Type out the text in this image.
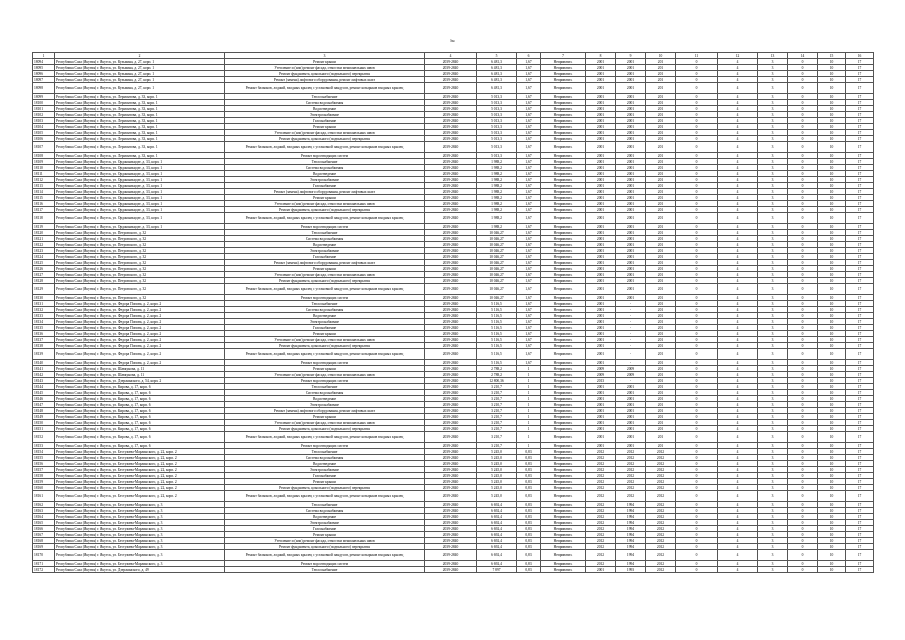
hu
1	2	3	4	5	6	7	8	9	10	11	12	13	14	15	16
18094	Республика Саха (Якутия) г. Якутск, ул. Кузьмина, д. 27, корп. 1	Ремонт крыши	2039-2840	6 481,3	1,67	Неприватиз.	2001	2001	201	0	4	3	0	10	17
18095	Республика Саха (Якутия) г. Якутск, ул. Кузьмина, д. 27, корп. 1	Утепление и (или) ремонт фасада, отмостки межпанельных швов	2039-2840	6 481,3	1,67	Неприватиз.	2001	2001	201	0	4	3	0	10	17
18096	Республика Саха (Якутия) г. Якутск, ул. Кузьмина, д. 27, корп. 1	Ремонт фундамента, цокольного (подвального) перекрытия	2039-2840	6 481,3	1,67	Неприватиз.	2001	2001	201	0	4	3	0	10	17
18097	Республика Саха (Якутия) г. Якутск, ул. Кузьмина, д. 27, корп. 1	Ремонт (замена) лифтового оборудования, ремонт лифтовых шахт	2039-2840	6 481,3	1,67	Неприватиз.	2001	2001	201	0	4	3	0	10	17
18098	Республика Саха (Якутия) г. Якутск, ул. Кузьмина, д. 27, корп. 1	Ремонт балконов, лоджий, входных крылец с установкой пандусов, ремонт козырьков входных крылец	2039-2840	6 481,3	1,67	Неприватиз.	2001	2001	201	0	4	3	0	10	17
18099	Республика Саха (Якутия) г. Якутск, ул. Лермонтова, д. 33, корп. 1	Теплоснабжение	2039-2840	5 013,3	1,67	Неприватиз.	2001	2001	201	0	4	3	0	10	17
18100	Республика Саха (Якутия) г. Якутск, ул. Лермонтова, д. 33, корп. 1	Система водоснабжения	2039-2840	5 013,3	1,67	Неприватиз.	2001	2001	201	0	4	3	0	10	17
18101	Республика Саха (Якутия) г. Якутск, ул. Лермонтова, д. 33, корп. 1	Водоотведение	2039-2840	5 013,3	1,67	Неприватиз.	2001	2001	201	0	4	3	0	10	17
18102	Республика Саха (Якутия) г. Якутск, ул. Лермонтова, д. 33, корп. 1	Электроснабжение	2039-2840	5 013,3	1,67	Неприватиз.	2001	2001	201	0	4	3	0	10	17
18103	Республика Саха (Якутия) г. Якутск, ул. Лермонтова, д. 33, корп. 1	Газоснабжение	2039-2840	5 013,3	1,67	Неприватиз.	2001	2001	201	0	4	3	0	10	17
18104	Республика Саха (Якутия) г. Якутск, ул. Лермонтова, д. 33, корп. 1	Ремонт крыши	2039-2840	5 013,3	1,67	Неприватиз.	2001	2001	201	0	4	3	0	10	17
18105	Республика Саха (Якутия) г. Якутск, ул. Лермонтова, д. 33, корп. 1	Утепление и (или) ремонт фасада, отмостки межпанельных швов	2039-2840	5 013,3	1,67	Неприватиз.	2001	2001	201	0	4	3	0	10	17
18106	Республика Саха (Якутия) г. Якутск, ул. Лермонтова, д. 33, корп. 1	Ремонт фундамента, цокольного (подвального) перекрытия	2039-2840	5 013,3	1,67	Неприватиз.	2001	2001	201	0	4	3	0	10	17
18107	Республика Саха (Якутия) г. Якутск, ул. Лермонтова, д. 33, корп. 1	Ремонт балконов, лоджий, входных крылец с установкой пандусов, ремонт козырьков входных крылец	2039-2840	5 013,3	1,67	Неприватиз.	2001	2001	201	0	4	3	0	10	17
18108	Республика Саха (Якутия) г. Якутск, ул. Лермонтова, д. 33, корп. 1	Ремонт водоотводящих систем	2039-2840	5 013,3	1,67	Неприватиз.	2001	2001	201	0	4	3	0	10	17
18109	Республика Саха (Якутия) г. Якутск, ул. Орджоникидзе, д. 33, корп. 1	Теплоснабжение	2039-2840	1 988,2	1,67	Неприватиз.	2001	2001	201	0	4	3	0	10	17
18110	Республика Саха (Якутия) г. Якутск, ул. Орджоникидзе, д. 33, корп. 1	Система водоснабжения	2039-2840	1 988,2	1,67	Неприватиз.	2001	2001	201	0	4	3	0	10	17
18111	Республика Саха (Якутия) г. Якутск, ул. Орджоникидзе, д. 33, корп. 1	Водоотведение	2039-2840	1 988,2	1,67	Неприватиз.	2001	2001	201	0	4	3	0	10	17
18112	Республика Саха (Якутия) г. Якутск, ул. Орджоникидзе, д. 33, корп. 1	Электроснабжение	2039-2840	1 988,2	1,67	Неприватиз.	2001	2001	201	0	4	3	0	10	17
18113	Республика Саха (Якутия) г. Якутск, ул. Орджоникидзе, д. 33, корп. 1	Газоснабжение	2039-2840	1 988,2	1,67	Неприватиз.	2001	2001	201	0	4	3	0	10	17
18114	Республика Саха (Якутия) г. Якутск, ул. Орджоникидзе, д. 33, корп. 1	Ремонт (замена) лифтового оборудования, ремонт лифтовых шахт	2039-2840	1 988,2	1,67	Неприватиз.	2001	2001	201	0	4	3	0	10	17
18115	Республика Саха (Якутия) г. Якутск, ул. Орджоникидзе, д. 33, корп. 1	Ремонт крыши	2039-2840	1 988,2	1,67	Неприватиз.	2001	2001	201	0	4	3	0	10	17
18116	Республика Саха (Якутия) г. Якутск, ул. Орджоникидзе, д. 33, корп. 1	Утепление и (или) ремонт фасада, отмостки межпанельных швов	2039-2840	1 988,2	1,67	Неприватиз.	2001	2001	201	0	4	3	0	10	17
18117	Республика Саха (Якутия) г. Якутск, ул. Орджоникидзе, д. 33, корп. 1	Ремонт фундамента, цокольного (подвального) перекрытия	2039-2840	1 988,2	1,67	Неприватиз.	2001	2001	201	0	4	3	0	10	17
18118	Республика Саха (Якутия) г. Якутск, ул. Орджоникидзе, д. 33, корп. 1	Ремонт балконов, лоджий, входных крылец с установкой пандусов, ремонт козырьков входных крылец	2039-2840	1 988,2	1,67	Неприватиз.	2001	2001	201	0	4	3	0	10	17
18119	Республика Саха (Якутия) г. Якутск, ул. Орджоникидзе, д. 33, корп. 1	Ремонт водоотводящих систем	2039-2840	1 988,2	1,67	Неприватиз.	2001	2001	201	0	4	3	0	10	17
18120	Республика Саха (Якутия) г. Якутск, ул. Петровского, д. 32	Теплоснабжение	2039-2840	10 046,27	1,67	Неприватиз.	2001	2001	201	0	4	3	0	10	17
18121	Республика Саха (Якутия) г. Якутск, ул. Петровского, д. 32	Система водоснабжения	2039-2840	10 046,27	1,67	Неприватиз.	2001	2001	201	0	4	3	0	10	17
18122	Республика Саха (Якутия) г. Якутск, ул. Петровского, д. 32	Водоотведение	2039-2840	10 046,27	1,67	Неприватиз.	2001	2001	201	0	4	3	0	10	17
18123	Республика Саха (Якутия) г. Якутск, ул. Петровского, д. 32	Электроснабжение	2039-2840	10 046,27	1,67	Неприватиз.	2001	2001	201	0	4	3	0	10	17
18124	Республика Саха (Якутия) г. Якутск, ул. Петровского, д. 32	Газоснабжение	2039-2840	10 046,27	1,67	Неприватиз.	2001	2001	201	0	4	3	0	10	17
18125	Республика Саха (Якутия) г. Якутск, ул. Петровского, д. 32	Ремонт (замена) лифтового оборудования, ремонт лифтовых шахт	2039-2840	10 046,27	1,67	Неприватиз.	2001	2001	201	0	4	3	0	10	17
18126	Республика Саха (Якутия) г. Якутск, ул. Петровского, д. 32	Ремонт крыши	2039-2840	10 046,27	1,67	Неприватиз.	2001	2001	201	0	4	3	0	10	17
18127	Республика Саха (Якутия) г. Якутск, ул. Петровского, д. 32	Утепление и (или) ремонт фасада, отмостки межпанельных швов	2039-2840	10 046,27	1,67	Неприватиз.	2001	2001	201	0	4	3	0	10	17
18128	Республика Саха (Якутия) г. Якутск, ул. Петровского, д. 32	Ремонт фундамента, цокольного (подвального) перекрытия	2039-2840	10 046,27	1,67	Неприватиз.	2001	2001	201	0	4	3	0	10	17
18129	Республика Саха (Якутия) г. Якутск, ул. Петровского, д. 32	Ремонт балконов, лоджий, входных крылец с установкой пандусов, ремонт козырьков входных крылец	2039-2840	10 046,27	1,67	Неприватиз.	2001	2001	201	0	4	3	0	10	17
18130	Республика Саха (Якутия) г. Якутск, ул. Петровского, д. 32	Ремонт водоотводящих систем	2039-2840	10 046,27	1,67	Неприватиз.	2001	2001	201	0	4	3	0	10	17
18131	Республика Саха (Якутия) г. Якутск, ул. Федора Попова, д. 2, корп. 2	Теплоснабжение	2039-2840	5 116,5	1,67	Неприватиз.	2001	-	201	0	4	3	0	10	17
18132	Республика Саха (Якутия) г. Якутск, ул. Федора Попова, д. 2, корп. 2	Система водоснабжения	2039-2840	5 116,5	1,67	Неприватиз.	2001	-	201	0	4	3	0	10	17
18133	Республика Саха (Якутия) г. Якутск, ул. Федора Попова, д. 2, корп. 2	Водоотведение	2039-2840	5 116,5	1,67	Неприватиз.	2001	-	201	0	4	3	0	10	17
18134	Республика Саха (Якутия) г. Якутск, ул. Федора Попова, д. 2, корп. 2	Электроснабжение	2039-2840	5 116,5	1,67	Неприватиз.	2001	-	201	0	4	3	0	10	17
18135	Республика Саха (Якутия) г. Якутск, ул. Федора Попова, д. 2, корп. 2	Газоснабжение	2039-2840	5 116,5	1,67	Неприватиз.	2001	-	201	0	4	3	0	10	17
18136	Республика Саха (Якутия) г. Якутск, ул. Федора Попова, д. 2, корп. 2	Ремонт крыши	2039-2840	5 116,5	1,67	Неприватиз.	2001	-	201	0	4	3	0	10	17
18137	Республика Саха (Якутия) г. Якутск, ул. Федора Попова, д. 2, корп. 2	Утепление и (или) ремонт фасада, отмостки межпанельных швов	2039-2840	5 116,5	1,67	Неприватиз.	2001	-	201	0	4	3	0	10	17
18138	Республика Саха (Якутия) г. Якутск, ул. Федора Попова, д. 2, корп. 2	Ремонт фундамента, цокольного (подвального) перекрытия	2039-2840	5 116,5	1,67	Неприватиз.	2001	-	201	0	4	3	0	10	17
18139	Республика Саха (Якутия) г. Якутск, ул. Федора Попова, д. 2, корп. 2	Ремонт балконов, лоджий, входных крылец с установкой пандусов, ремонт козырьков входных крылец	2039-2840	5 116,5	1,67	Неприватиз.	2001	-	201	0	4	3	0	10	17
18140	Республика Саха (Якутия) г. Якутск, ул. Федора Попова, д. 2, корп. 2	Ремонт водоотводящих систем	2039-2840	5 116,5	1,67	Неприватиз.	2001	-	201	0	4	3	0	10	17
18141	Республика Саха (Якутия) г. Якутск, ул. Шавкунова, д. 11	Ремонт крыши	2039-2840	2 788,2	1	Неприватиз.	2009	2009	201	0	4	3	0	10	17
18142	Республика Саха (Якутия) г. Якутск, ул. Шавкунова, д. 11	Утепление и (или) ремонт фасада, отмостки межпанельных швов	2039-2840	2 788,2	1	Неприватиз.	2009	2009	201	0	4	3	0	10	17
18143	Республика Саха (Якутия) г. Якутск, ул. Дзержинского, д. 54, корп. 2	Ремонт водоотводящих систем	2039-2840	12 800,36	1	Неприватиз.	2013	-	201	0	4	3	0	10	17
18144	Республика Саха (Якутия) г. Якутск, ул. Кирова, д. 17, корп. 6	Теплоснабжение	2039-2840	3 210,7	1	Неприватиз.	2001	2001	201	0	4	3	0	10	17
18145	Республика Саха (Якутия) г. Якутск, ул. Кирова, д. 17, корп. 6	Система водоснабжения	2039-2840	3 210,7	1	Неприватиз.	2001	2001	201	0	4	3	0	10	17
18146	Республика Саха (Якутия) г. Якутск, ул. Кирова, д. 17, корп. 6	Водоотведение	2039-2840	3 210,7	1	Неприватиз.	2001	2001	201	0	4	3	0	10	17
18147	Республика Саха (Якутия) г. Якутск, ул. Кирова, д. 17, корп. 6	Электроснабжение	2039-2840	3 210,7	1	Неприватиз.	2001	2001	201	0	4	3	0	10	17
18148	Республика Саха (Якутия) г. Якутск, ул. Кирова, д. 17, корп. 6	Ремонт (замена) лифтового оборудования, ремонт лифтовых шахт	2039-2840	3 210,7	1	Неприватиз.	2001	2001	201	0	4	3	0	10	17
18149	Республика Саха (Якутия) г. Якутск, ул. Кирова, д. 17, корп. 6	Ремонт крыши	2039-2840	3 210,7	1	Неприватиз.	2001	2001	201	0	4	3	0	10	17
18150	Республика Саха (Якутия) г. Якутск, ул. Кирова, д. 17, корп. 6	Утепление и (или) ремонт фасада, отмостки межпанельных швов	2039-2840	3 210,7	1	Неприватиз.	2001	2001	201	0	4	3	0	10	17
18151	Республика Саха (Якутия) г. Якутск, ул. Кирова, д. 17, корп. 6	Ремонт фундамента, цокольного (подвального) перекрытия	2039-2840	3 210,7	1	Неприватиз.	2001	2001	201	0	4	3	0	10	17
18152	Республика Саха (Якутия) г. Якутск, ул. Кирова, д. 17, корп. 6	Ремонт балконов, лоджий, входных крылец с установкой пандусов, ремонт козырьков входных крылец	2039-2840	3 210,7	1	Неприватиз.	2001	2001	201	0	4	3	0	10	17
18153	Республика Саха (Якутия) г. Якутск, ул. Кирова, д. 17, корп. 6	Ремонт водоотводящих систем	2039-2840	3 210,7	1	Неприватиз.	2001	2001	201	0	4	3	0	10	17
18154	Республика Саха (Якутия) г. Якутск, ул. Бестужева-Марлинского, д. 22, корп. 2	Теплоснабжение	2039-2840	5 245,0	0,83	Неприватиз.	2012	2012	2012	0	4	3	0	10	17
18155	Республика Саха (Якутия) г. Якутск, ул. Бестужева-Марлинского, д. 22, корп. 2	Система водоснабжения	2039-2840	5 245,0	0,83	Неприватиз.	2012	2012	2012	0	4	3	0	10	17
18156	Республика Саха (Якутия) г. Якутск, ул. Бестужева-Марлинского, д. 22, корп. 2	Водоотведение	2039-2840	5 245,0	0,83	Неприватиз.	2012	2012	2012	0	4	3	0	10	17
18157	Республика Саха (Якутия) г. Якутск, ул. Бестужева-Марлинского, д. 22, корп. 2	Электроснабжение	2039-2840	5 245,0	0,83	Неприватиз.	2012	2012	2012	0	4	3	0	10	17
18158	Республика Саха (Якутия) г. Якутск, ул. Бестужева-Марлинского, д. 22, корп. 2	Газоснабжение	2039-2840	5 245,0	0,83	Неприватиз.	2012	2012	2012	0	4	3	0	10	17
18159	Республика Саха (Якутия) г. Якутск, ул. Бестужева-Марлинского, д. 22, корп. 2	Ремонт крыши	2039-2840	5 245,0	0,83	Неприватиз.	2012	2012	2012	0	4	3	0	10	17
18160	Республика Саха (Якутия) г. Якутск, ул. Бестужева-Марлинского, д. 22, корп. 2	Ремонт фундамента, цокольного (подвального) перекрытия	2039-2840	5 245,0	0,83	Неприватиз.	2012	2012	2012	0	4	3	0	10	17
18161	Республика Саха (Якутия) г. Якутск, ул. Бестужева-Марлинского, д. 22, корп. 2	Ремонт балконов, лоджий, входных крылец с установкой пандусов, ремонт козырьков входных крылец	2039-2840	5 245,0	0,83	Неприватиз.	2012	2012	2012	0	4	3	0	10	17
18162	Республика Саха (Якутия) г. Якутск, ул. Бестужева-Марлинского, д. 3	Теплоснабжение	2039-2840	6 692,4	0,83	Неприватиз.	2012	1994	2012	0	4	3	0	10	17
18163	Республика Саха (Якутия) г. Якутск, ул. Бестужева-Марлинского, д. 3	Система водоснабжения	2039-2840	6 692,4	0,83	Неприватиз.	2012	1994	2012	0	4	3	0	10	17
18164	Республика Саха (Якутия) г. Якутск, ул. Бестужева-Марлинского, д. 3	Водоотведение	2039-2840	6 692,4	0,83	Неприватиз.	2012	1994	2012	0	4	3	0	10	17
18165	Республика Саха (Якутия) г. Якутск, ул. Бестужева-Марлинского, д. 3	Электроснабжение	2039-2840	6 692,4	0,83	Неприватиз.	2012	1994	2012	0	4	3	0	10	17
18166	Республика Саха (Якутия) г. Якутск, ул. Бестужева-Марлинского, д. 3	Газоснабжение	2039-2840	6 692,4	0,83	Неприватиз.	2012	1994	2012	0	4	3	0	10	17
18167	Республика Саха (Якутия) г. Якутск, ул. Бестужева-Марлинского, д. 3	Ремонт крыши	2039-2840	6 692,4	0,83	Неприватиз.	2012	1994	2012	0	4	3	0	10	17
18168	Республика Саха (Якутия) г. Якутск, ул. Бестужева-Марлинского, д. 3	Утепление и (или) ремонт фасада, отмостки межпанельных швов	2039-2840	6 692,4	0,83	Неприватиз.	2012	1994	2012	0	4	3	0	10	17
18169	Республика Саха (Якутия) г. Якутск, ул. Бестужева-Марлинского, д. 3	Ремонт фундамента, цокольного (подвального) перекрытия	2039-2840	6 692,4	0,83	Неприватиз.	2012	1994	2012	0	4	3	0	10	17
18170	Республика Саха (Якутия) г. Якутск, ул. Бестужева-Марлинского, д. 3	Ремонт балконов, лоджий, входных крылец с установкой пандусов, ремонт козырьков входных крылец	2039-2840	6 692,4	0,83	Неприватиз.	2012	1994	2012	0	4	3	0	10	17
18171	Республика Саха (Якутия) г. Якутск, ул. Бестужева-Марлинского, д. 3	Ремонт водоотводящих систем	2039-2840	6 692,4	0,83	Неприватиз.	2012	1994	2012	0	4	3	0	10	17
18172	Республика Саха (Якутия) г. Якутск, ул. Дзержинского, д. 49	Теплоснабжение	2039-2840	7 897	0,83	Неприватиз.	2001	1993	2012	0	4	3	0	10	17
